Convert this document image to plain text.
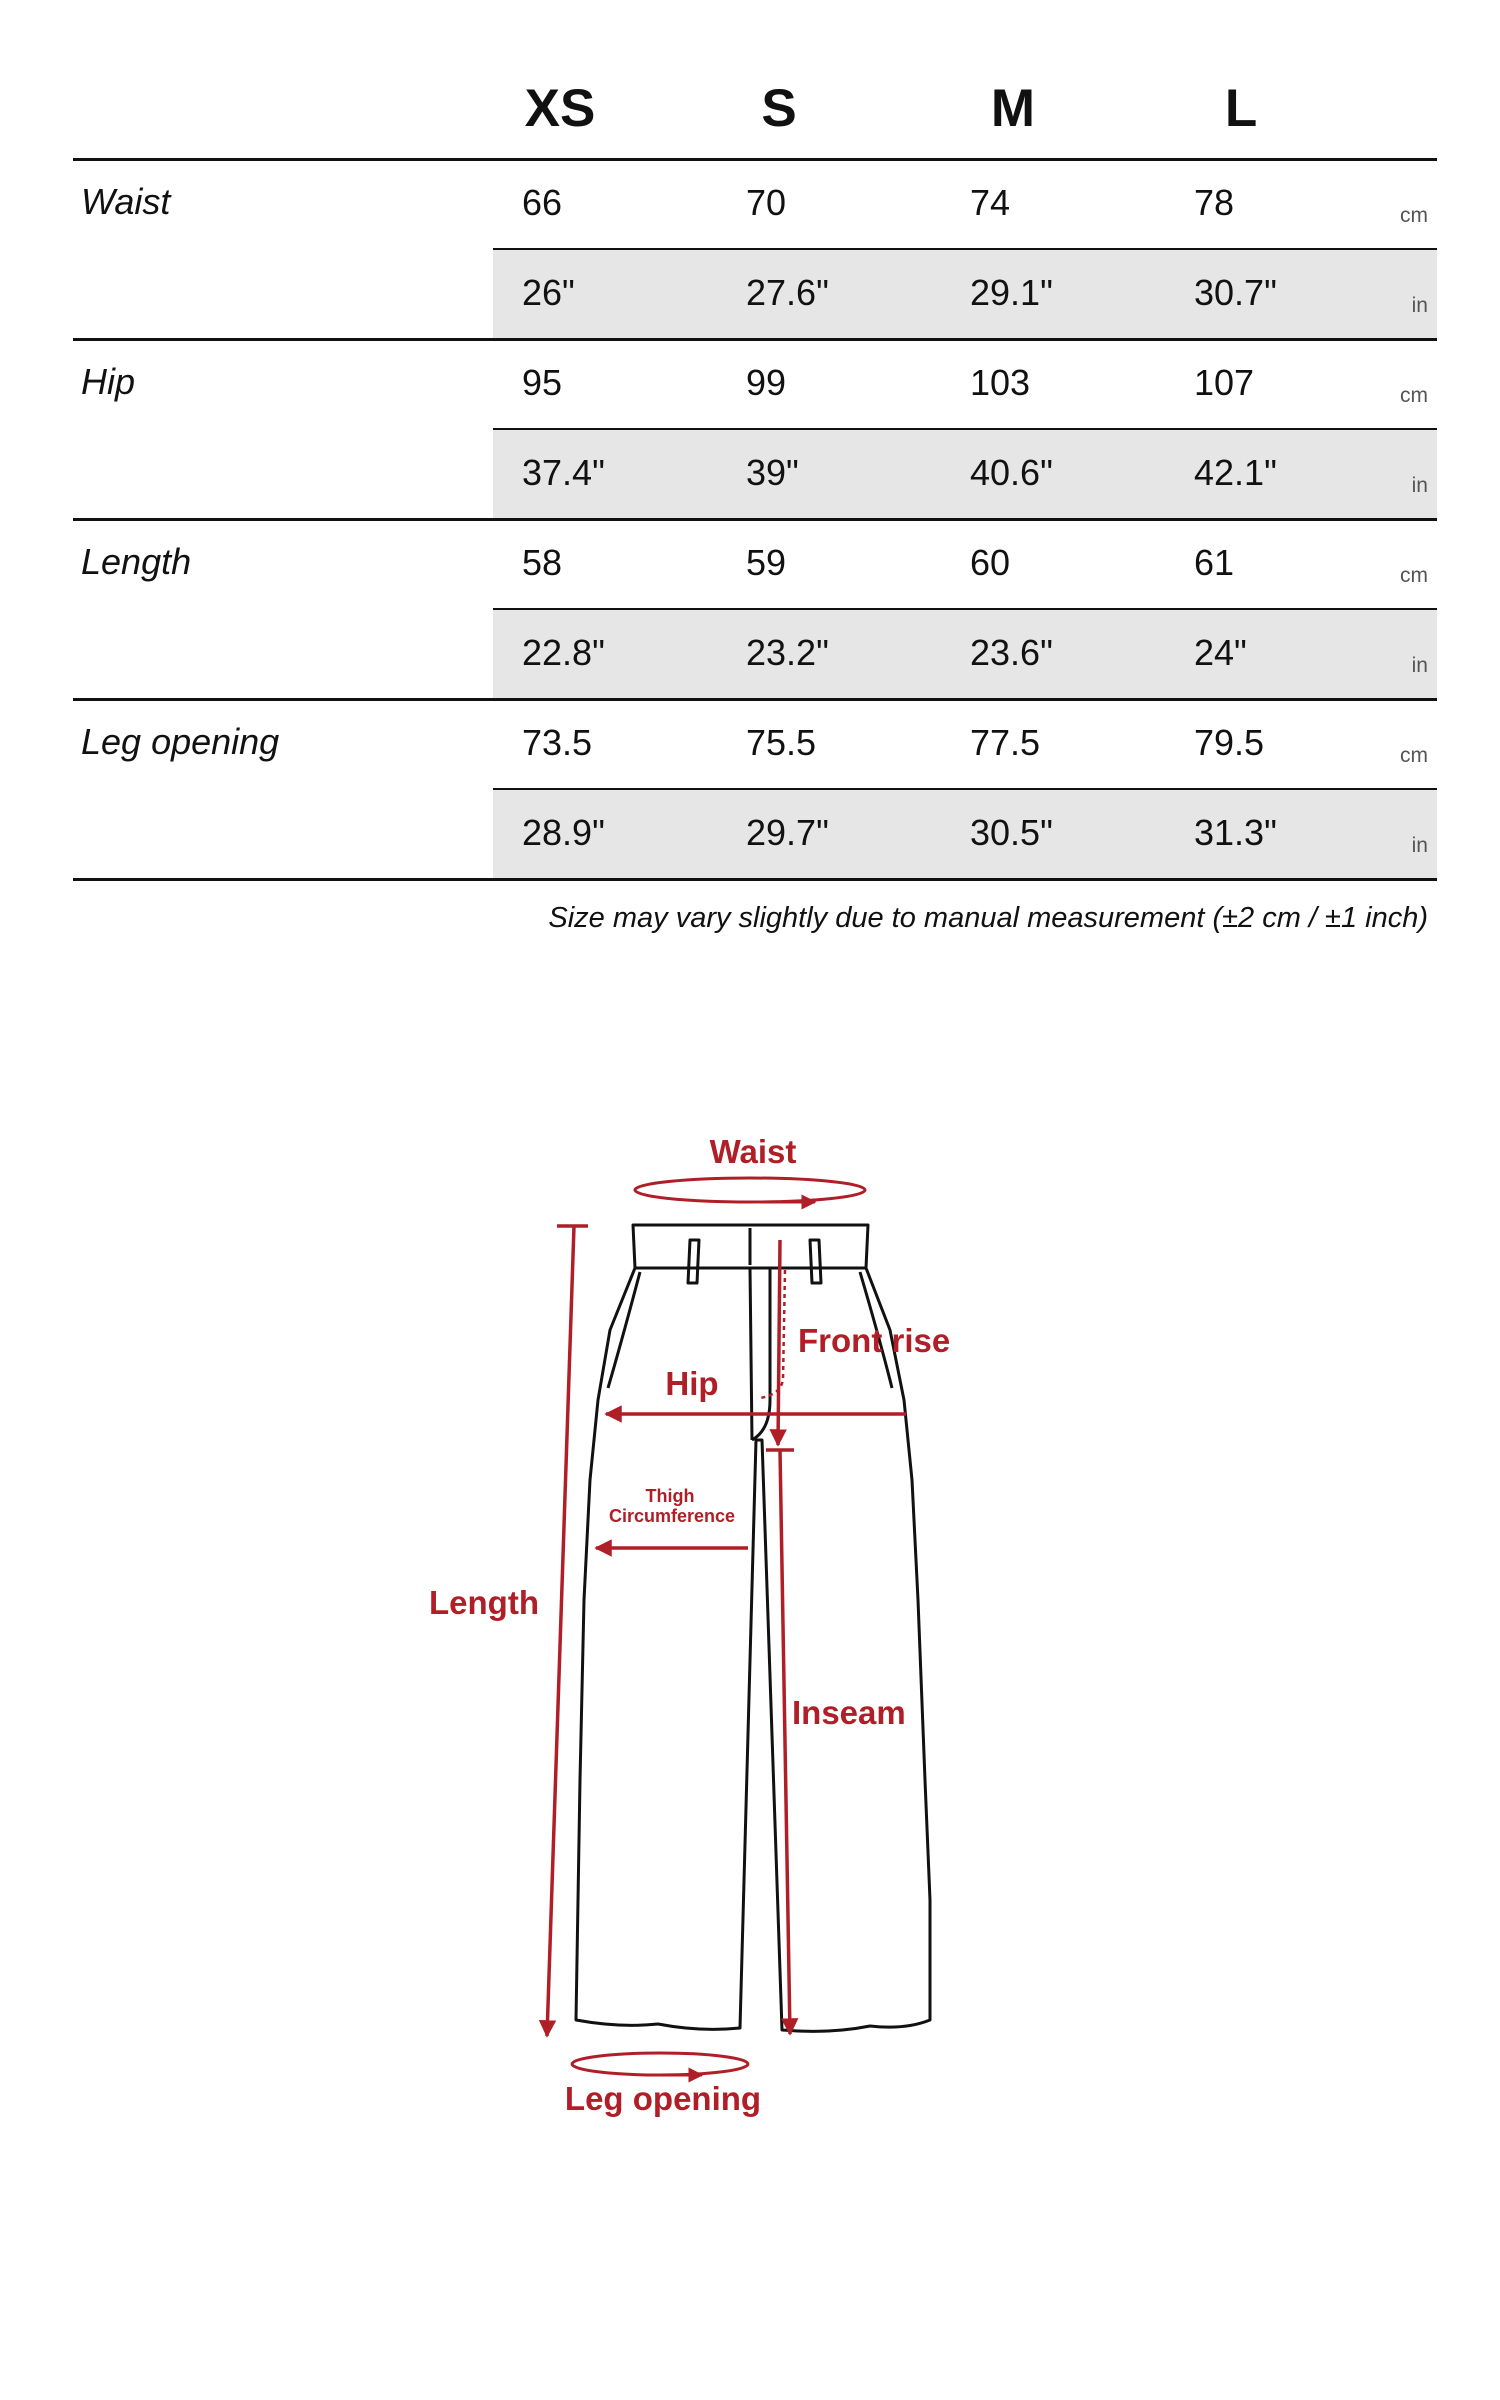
XS	S	M	L
Waist	66	70	74	78	cm
26"	27.6"	29.1"	30.7"	in
Hip	95	99	103	107	cm
37.4"	39"	40.6"	42.1"	in
Length	58	59	60	61	cm
22.8"	23.2"	23.6"	24"	in
Leg opening	73.5	75.5	77.5	79.5	cm
28.9"	29.7"	30.5"	31.3"	in
Size may vary slightly due to manual measurement (±2 cm / ±1 inch)
Waist
Front rise
Hip
Thigh
Circumference
Length
Inseam
Leg opening
